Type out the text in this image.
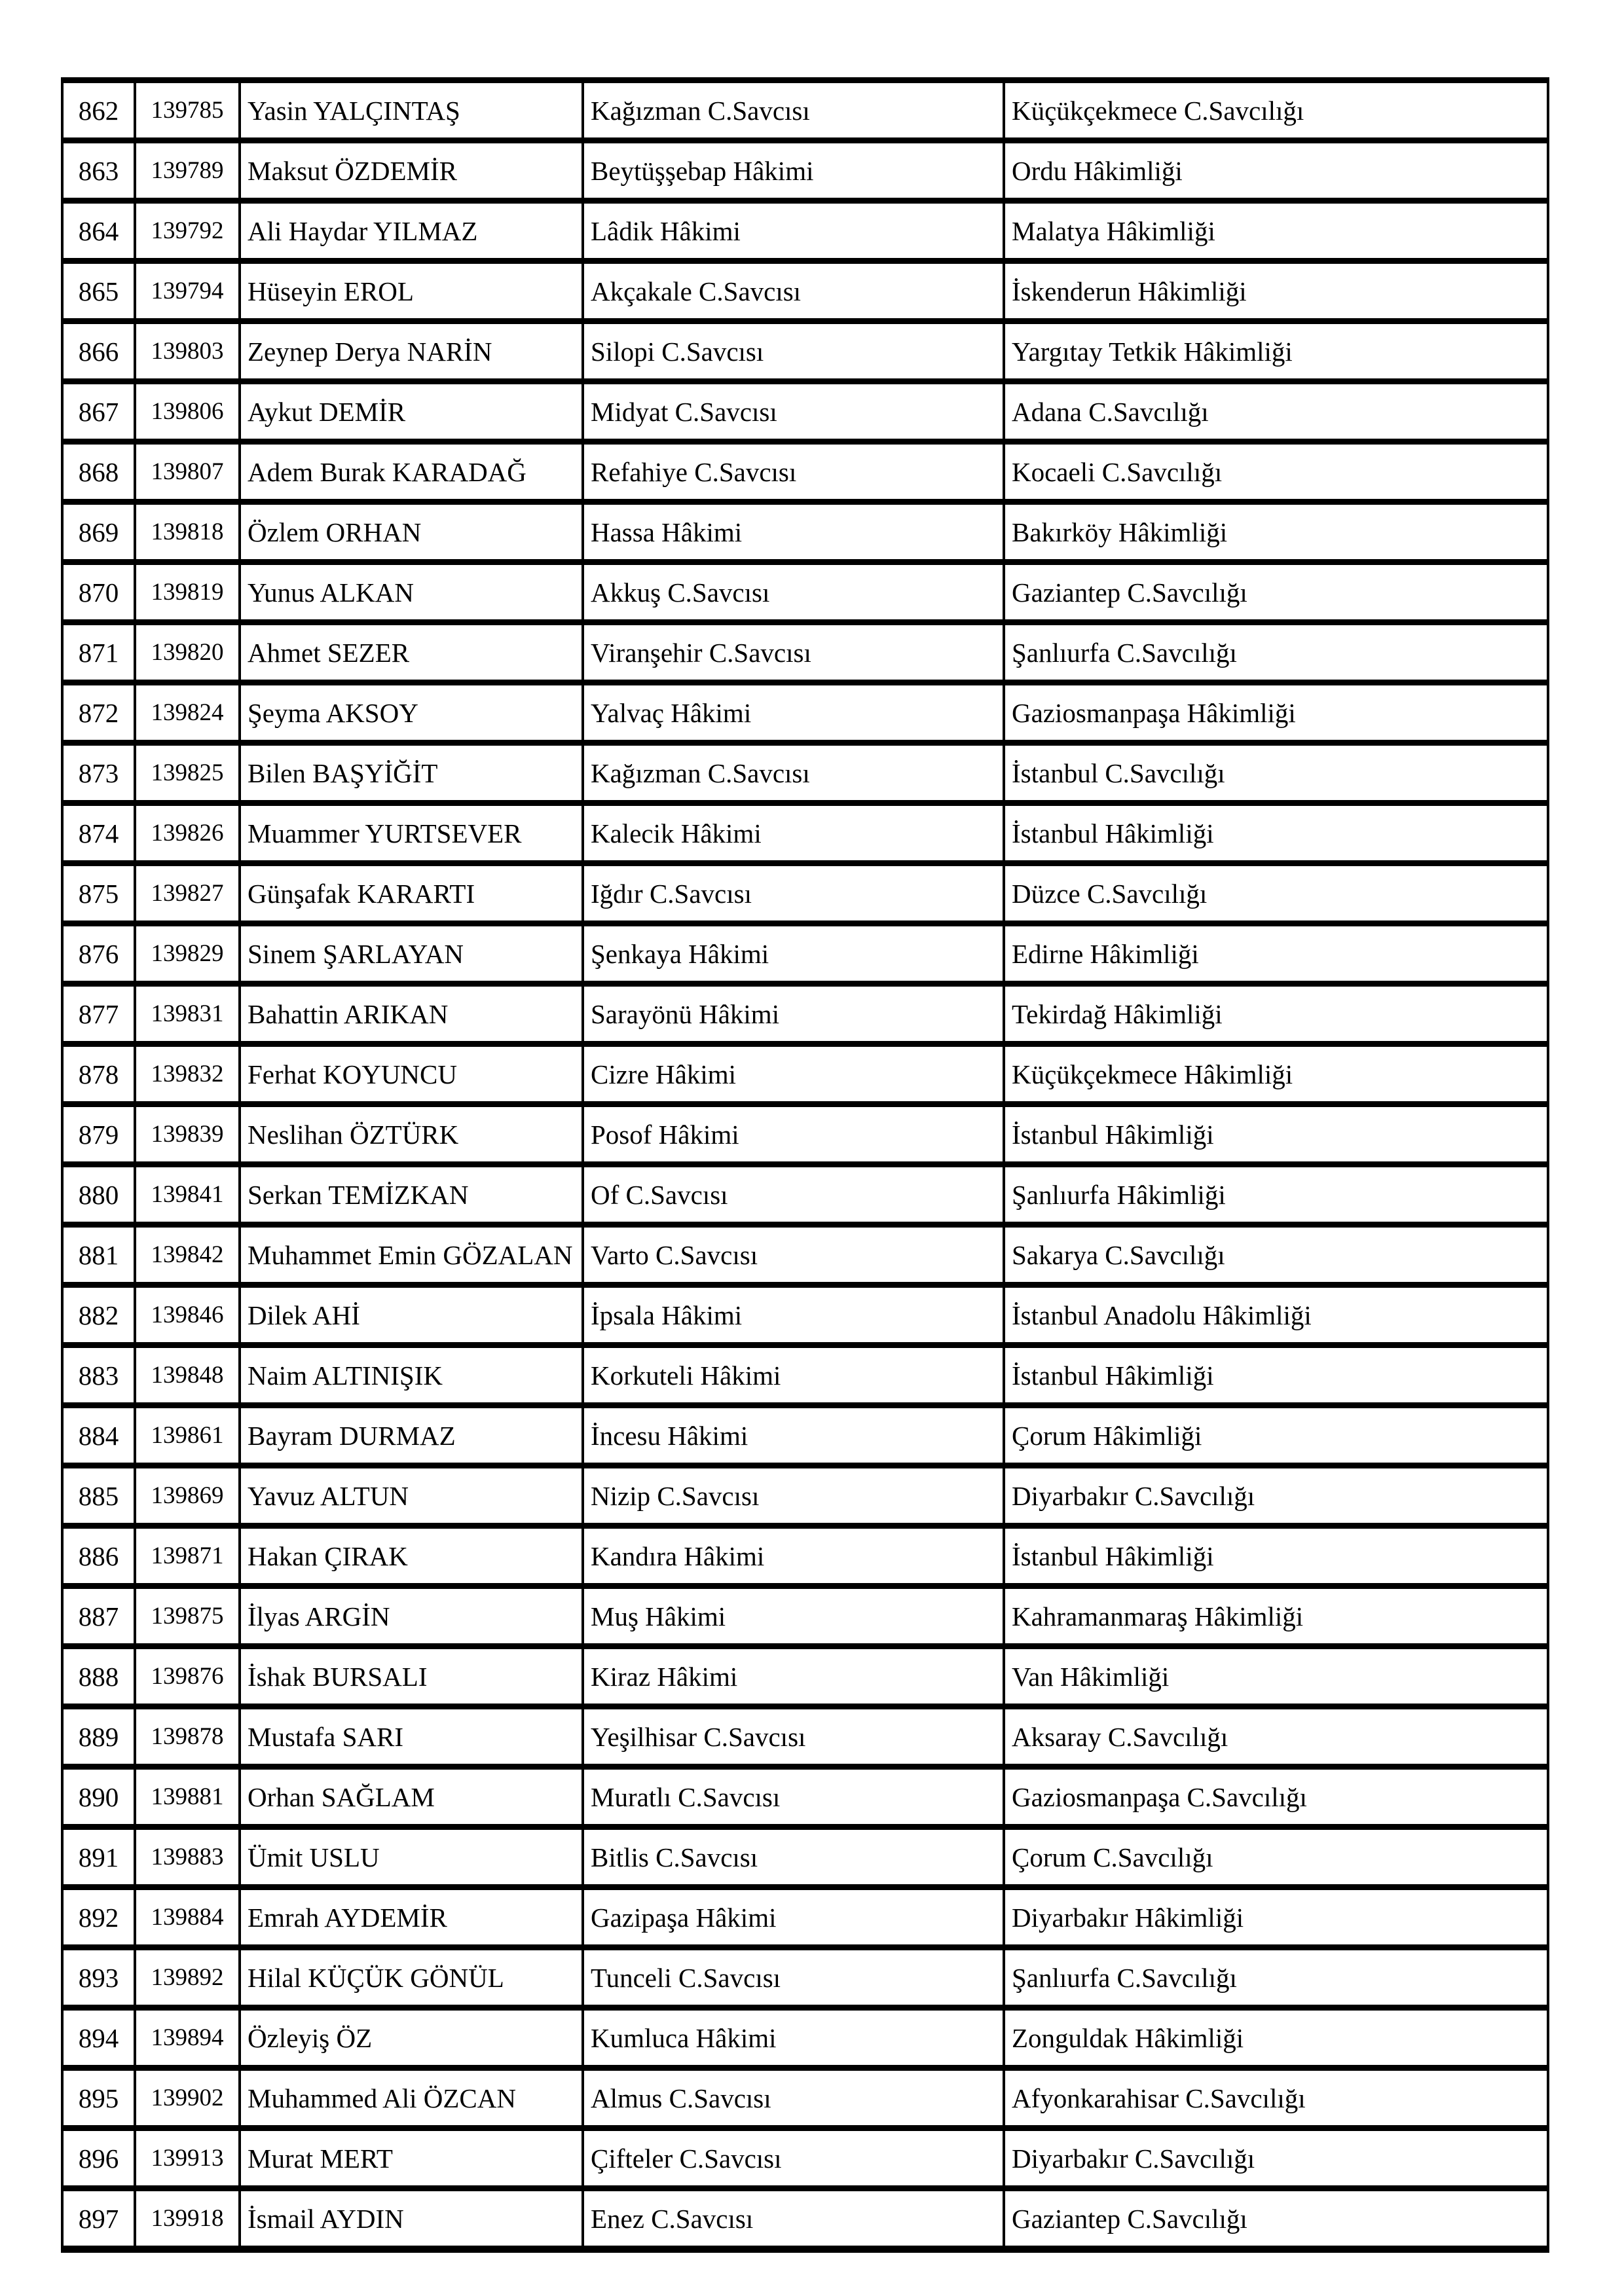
862	139785	Yasin YALÇINTAŞ	Kağızman C.Savcısı	Küçükçekmece C.Savcılığı
863	139789	Maksut ÖZDEMİR	Beytüşşebap Hâkimi	Ordu Hâkimliği
864	139792	Ali Haydar YILMAZ	Lâdik Hâkimi	Malatya Hâkimliği
865	139794	Hüseyin EROL	Akçakale C.Savcısı	İskenderun Hâkimliği
866	139803	Zeynep Derya NARİN	Silopi C.Savcısı	Yargıtay Tetkik Hâkimliği
867	139806	Aykut DEMİR	Midyat C.Savcısı	Adana C.Savcılığı
868	139807	Adem Burak KARADAĞ	Refahiye C.Savcısı	Kocaeli C.Savcılığı
869	139818	Özlem ORHAN	Hassa Hâkimi	Bakırköy Hâkimliği
870	139819	Yunus ALKAN	Akkuş C.Savcısı	Gaziantep C.Savcılığı
871	139820	Ahmet SEZER	Viranşehir C.Savcısı	Şanlıurfa C.Savcılığı
872	139824	Şeyma AKSOY	Yalvaç Hâkimi	Gaziosmanpaşa Hâkimliği
873	139825	Bilen BAŞYİĞİT	Kağızman C.Savcısı	İstanbul C.Savcılığı
874	139826	Muammer YURTSEVER	Kalecik Hâkimi	İstanbul Hâkimliği
875	139827	Günşafak KARARTI	Iğdır C.Savcısı	Düzce C.Savcılığı
876	139829	Sinem ŞARLAYAN	Şenkaya Hâkimi	Edirne Hâkimliği
877	139831	Bahattin ARIKAN	Sarayönü Hâkimi	Tekirdağ Hâkimliği
878	139832	Ferhat KOYUNCU	Cizre Hâkimi	Küçükçekmece Hâkimliği
879	139839	Neslihan ÖZTÜRK	Posof Hâkimi	İstanbul Hâkimliği
880	139841	Serkan TEMİZKAN	Of C.Savcısı	Şanlıurfa Hâkimliği
881	139842	Muhammet Emin GÖZALAN	Varto C.Savcısı	Sakarya C.Savcılığı
882	139846	Dilek AHİ	İpsala Hâkimi	İstanbul Anadolu Hâkimliği
883	139848	Naim ALTINIŞIK	Korkuteli Hâkimi	İstanbul Hâkimliği
884	139861	Bayram DURMAZ	İncesu Hâkimi	Çorum Hâkimliği
885	139869	Yavuz ALTUN	Nizip C.Savcısı	Diyarbakır C.Savcılığı
886	139871	Hakan ÇIRAK	Kandıra Hâkimi	İstanbul Hâkimliği
887	139875	İlyas ARGİN	Muş Hâkimi	Kahramanmaraş Hâkimliği
888	139876	İshak BURSALI	Kiraz Hâkimi	Van Hâkimliği
889	139878	Mustafa SARI	Yeşilhisar C.Savcısı	Aksaray C.Savcılığı
890	139881	Orhan SAĞLAM	Muratlı C.Savcısı	Gaziosmanpaşa C.Savcılığı
891	139883	Ümit USLU	Bitlis C.Savcısı	Çorum C.Savcılığı
892	139884	Emrah AYDEMİR	Gazipaşa Hâkimi	Diyarbakır Hâkimliği
893	139892	Hilal KÜÇÜK GÖNÜL	Tunceli C.Savcısı	Şanlıurfa C.Savcılığı
894	139894	Özleyiş ÖZ	Kumluca Hâkimi	Zonguldak Hâkimliği
895	139902	Muhammed Ali ÖZCAN	Almus C.Savcısı	Afyonkarahisar C.Savcılığı
896	139913	Murat MERT	Çifteler C.Savcısı	Diyarbakır C.Savcılığı
897	139918	İsmail AYDIN	Enez C.Savcısı	Gaziantep C.Savcılığı
